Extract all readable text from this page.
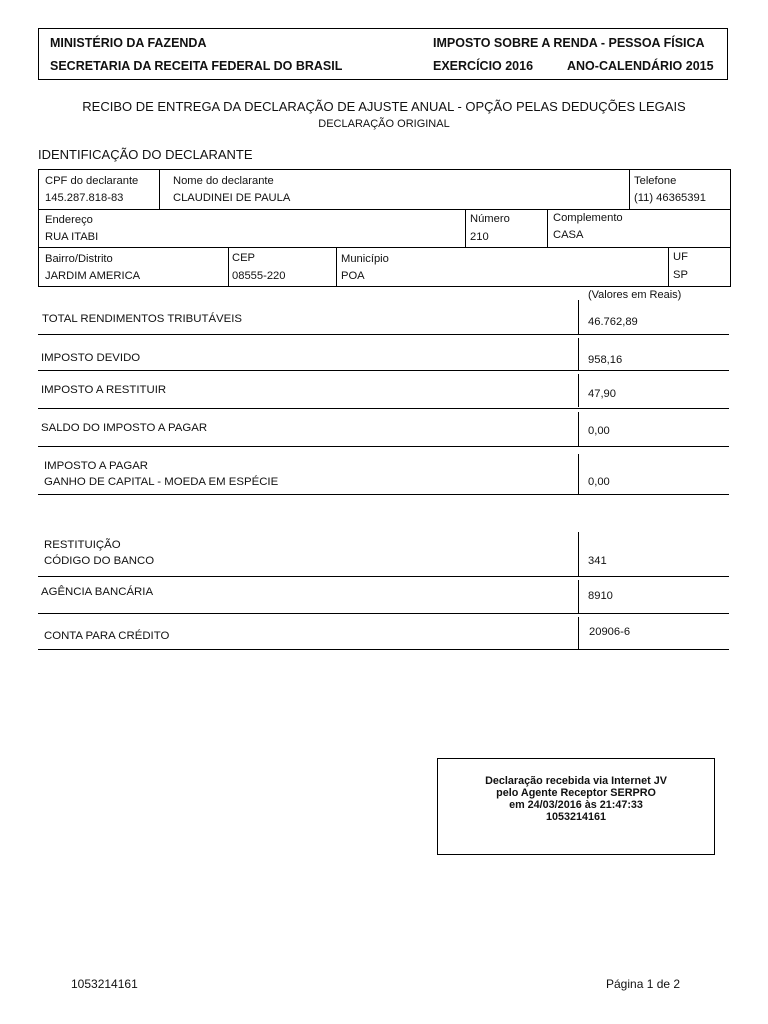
MINISTÉRIO DA FAZENDA
SECRETARIA DA RECEITA FEDERAL DO BRASIL
IMPOSTO SOBRE A RENDA - PESSOA FÍSICA
EXERCÍCIO 2016	ANO-CALENDÁRIO 2015
RECIBO DE ENTREGA DA DECLARAÇÃO DE AJUSTE ANUAL - OPÇÃO PELAS DEDUÇÕES LEGAIS
DECLARAÇÃO ORIGINAL
IDENTIFICAÇÃO DO DECLARANTE
CPF do declarante
145.287.818-83
Nome do declarante
CLAUDINEI DE PAULA
Telefone
(11) 46365391
Endereço
RUA ITABI
Número
210
Complemento
CASA
Bairro/Distrito
JARDIM AMERICA
CEP
08555-220
Município
POA
UF
SP
(Valores em Reais)
TOTAL RENDIMENTOS TRIBUTÁVEIS	46.762,89
IMPOSTO DEVIDO	958,16
IMPOSTO A RESTITUIR	47,90
SALDO DO IMPOSTO A PAGAR	0,00
IMPOSTO A PAGAR
GANHO DE CAPITAL - MOEDA EM ESPÉCIE	0,00
RESTITUIÇÃO
CÓDIGO DO BANCO	341
AGÊNCIA BANCÁRIA	8910
CONTA PARA CRÉDITO	20906-6
Declaração recebida via Internet JV
pelo Agente Receptor SERPRO
em 24/03/2016 às 21:47:33
1053214161
1053214161	Página 1 de 2
